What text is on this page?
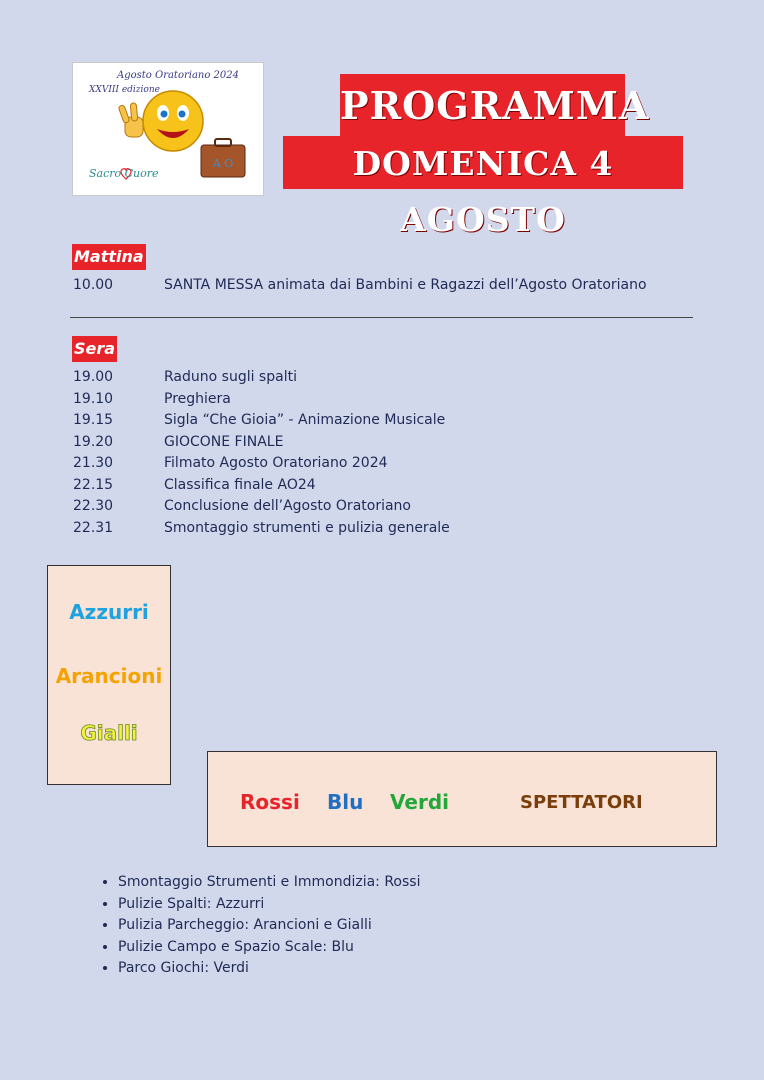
A O
Agosto Oratoriano 2024
XXVIII edizione
Sacro Cuore
PROGRAMMA
DOMENICA 4 AGOSTO
Mattina
10.00	SANTA MESSA animata dai Bambini e Ragazzi dell’Agosto Oratoriano
Sera
19.00	Raduno sugli spalti
19.10	Preghiera
19.15	Sigla “Che Gioia” - Animazione Musicale
19.20	GIOCONE FINALE
21.30	Filmato Agosto Oratoriano 2024
22.15	Classifica finale AO24
22.30	Conclusione dell’Agosto Oratoriano
22.31	Smontaggio strumenti e pulizia generale
Azzurri
Arancioni
Gialli
Rossi Blu Verdi	SPETTATORI
• Smontaggio Strumenti e Immondizia: Rossi
• Pulizie Spalti: Azzurri
• Pulizia Parcheggio: Arancioni e Gialli
• Pulizie Campo e Spazio Scale: Blu
• Parco Giochi: Verdi
